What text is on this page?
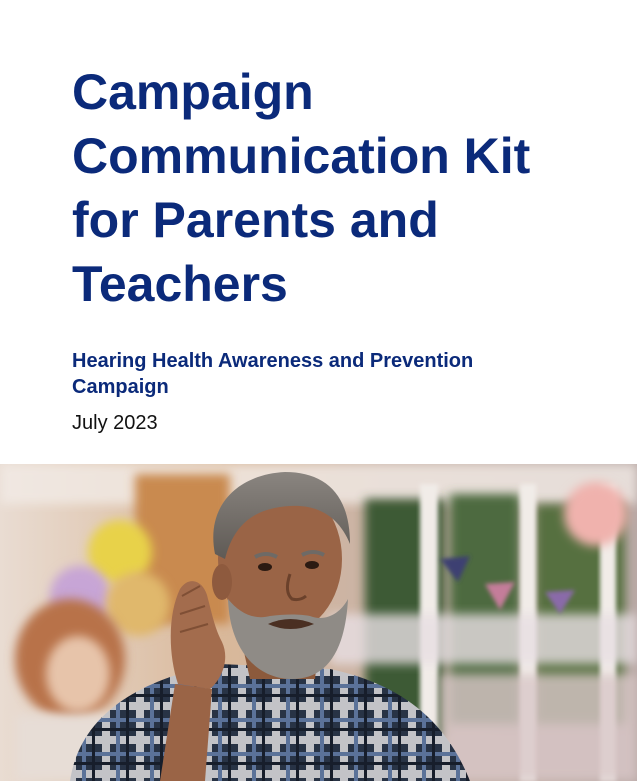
Campaign
Communication Kit
for Parents and
Teachers
Hearing Health Awareness and Prevention
Campaign

July 2023
